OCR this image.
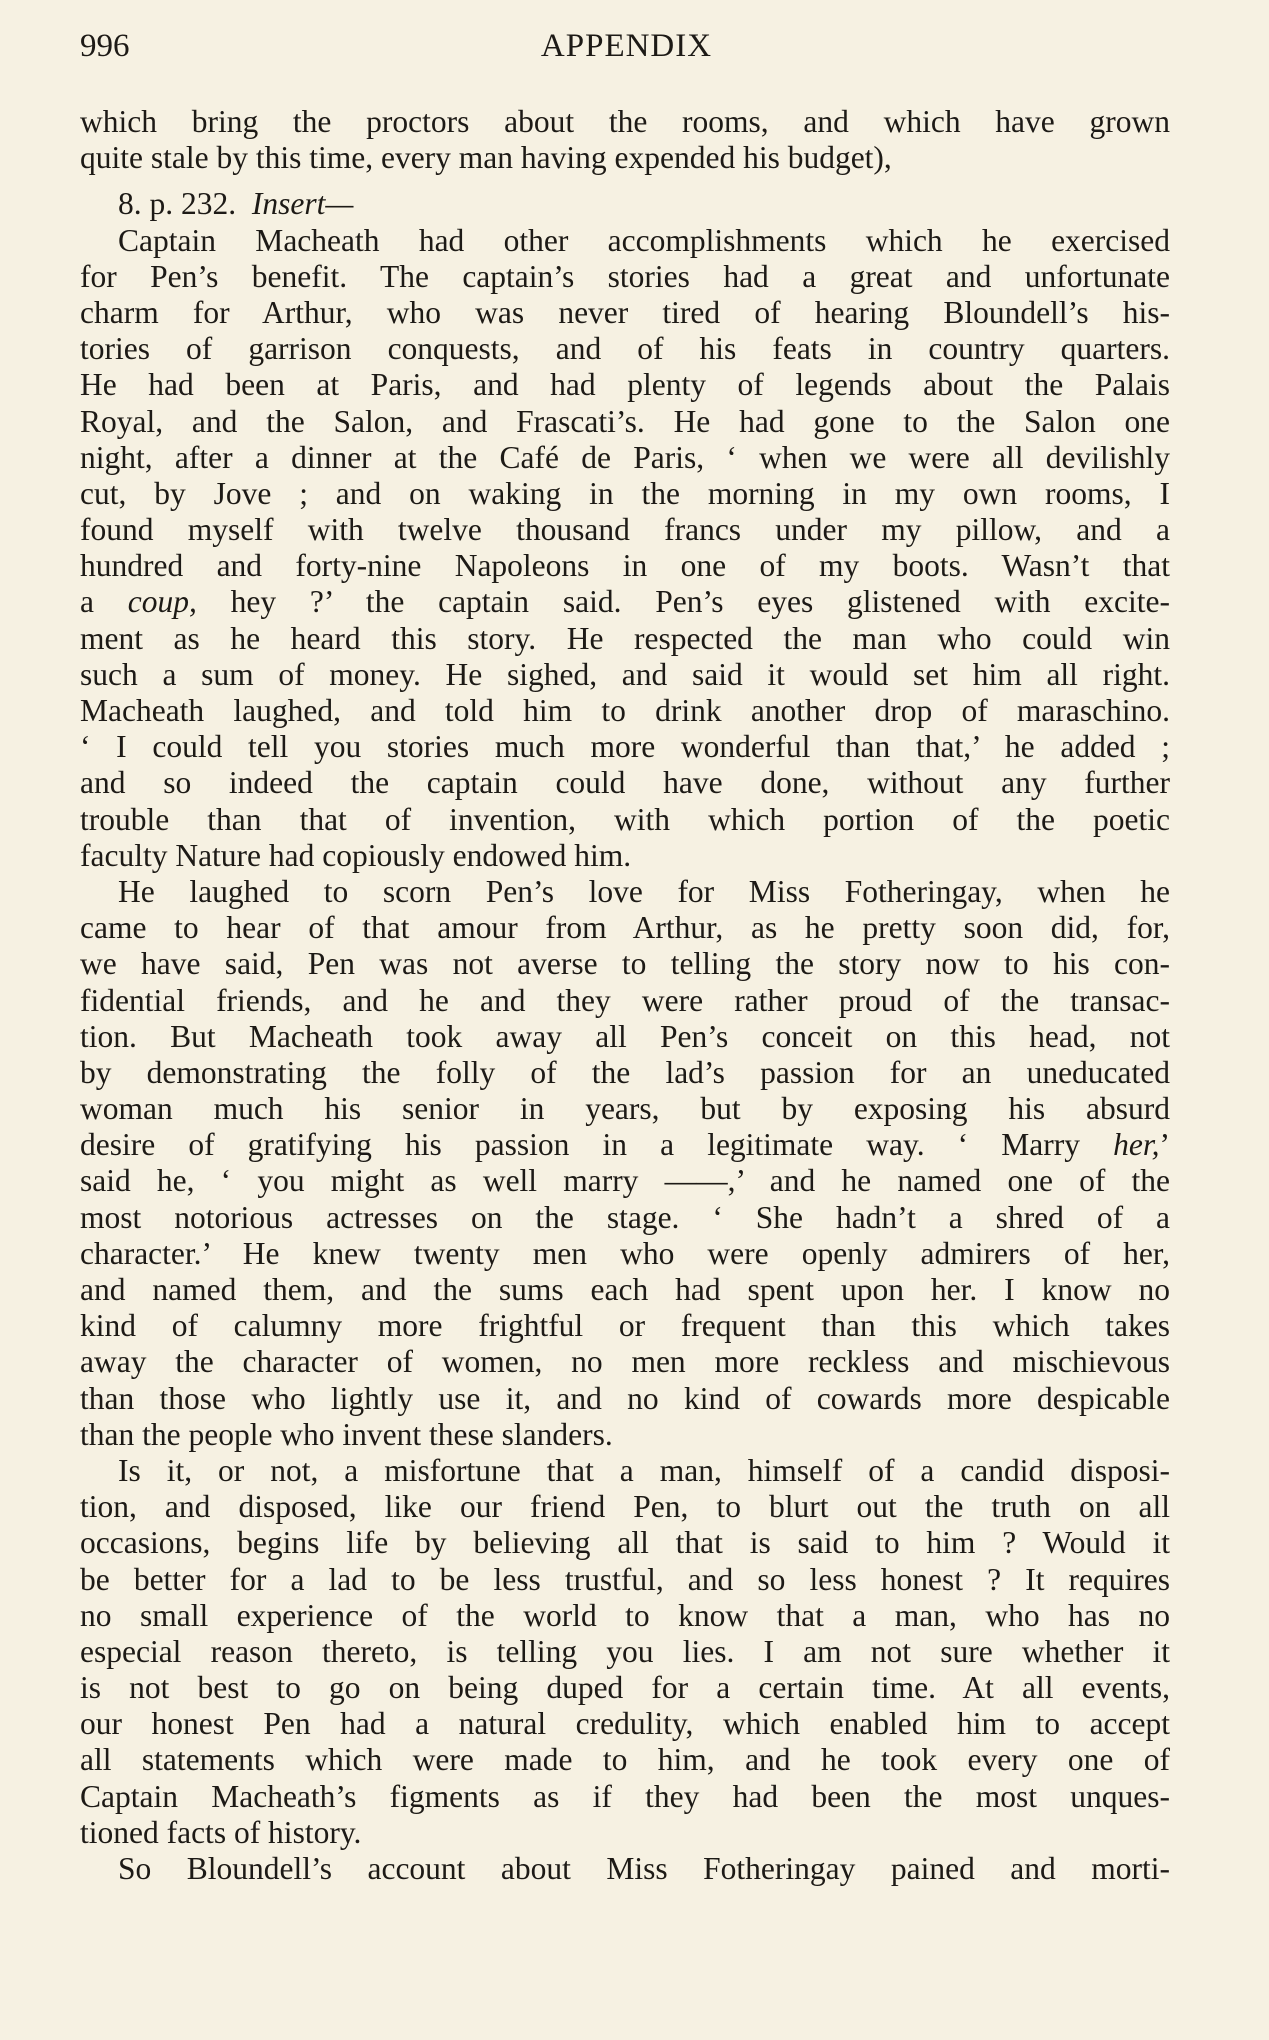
996	APPENDIX
which bring the proctors about the rooms, and which have grown
quite stale by this time, every man having expended his budget),
8. p. 232. Insert—
Captain Macheath had other accomplishments which he exercised
for Pen’s benefit. The captain’s stories had a great and unfortunate
charm for Arthur, who was never tired of hearing Bloundell’s his-
tories of garrison conquests, and of his feats in country quarters.
He had been at Paris, and had plenty of legends about the Palais
Royal, and the Salon, and Frascati’s. He had gone to the Salon one
night, after a dinner at the Café de Paris, ‘ when we were all devilishly
cut, by Jove ; and on waking in the morning in my own rooms, I
found myself with twelve thousand francs under my pillow, and a
hundred and forty-nine Napoleons in one of my boots. Wasn’t that
a coup, hey ?’ the captain said. Pen’s eyes glistened with excite-
ment as he heard this story. He respected the man who could win
such a sum of money. He sighed, and said it would set him all right.
Macheath laughed, and told him to drink another drop of maraschino.
‘ I could tell you stories much more wonderful than that,’ he added ;
and so indeed the captain could have done, without any further
trouble than that of invention, with which portion of the poetic
faculty Nature had copiously endowed him.
He laughed to scorn Pen’s love for Miss Fotheringay, when he
came to hear of that amour from Arthur, as he pretty soon did, for,
we have said, Pen was not averse to telling the story now to his con-
fidential friends, and he and they were rather proud of the transac-
tion. But Macheath took away all Pen’s conceit on this head, not
by demonstrating the folly of the lad’s passion for an uneducated
woman much his senior in years, but by exposing his absurd
desire of gratifying his passion in a legitimate way. ‘ Marry her,’
said he, ‘ you might as well marry ——,’ and he named one of the
most notorious actresses on the stage. ‘ She hadn’t a shred of a
character.’ He knew twenty men who were openly admirers of her,
and named them, and the sums each had spent upon her. I know no
kind of calumny more frightful or frequent than this which takes
away the character of women, no men more reckless and mischievous
than those who lightly use it, and no kind of cowards more despicable
than the people who invent these slanders.
Is it, or not, a misfortune that a man, himself of a candid disposi-
tion, and disposed, like our friend Pen, to blurt out the truth on all
occasions, begins life by believing all that is said to him ? Would it
be better for a lad to be less trustful, and so less honest ? It requires
no small experience of the world to know that a man, who has no
especial reason thereto, is telling you lies. I am not sure whether it
is not best to go on being duped for a certain time. At all events,
our honest Pen had a natural credulity, which enabled him to accept
all statements which were made to him, and he took every one of
Captain Macheath’s figments as if they had been the most unques-
tioned facts of history.
So Bloundell’s account about Miss Fotheringay pained and morti-
